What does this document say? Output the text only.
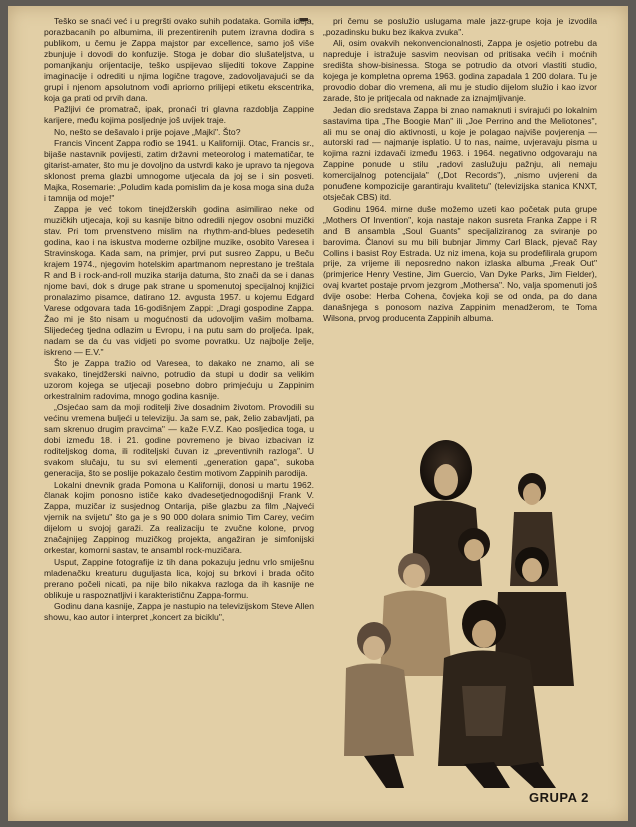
Teško se snaći već i u pregršti ovako suhih podataka. Gomila ideja, porazbacanih po albumima, ili prezentirenih putem izravna dodira s publikom, u čemu je Zappa majstor par excellence, samo još više zbunjuje i dovodi do konfuzije. Stoga je dobar dio slušateljstva, u pomanjkanju orijentacije, teško uspijevao slijediti tokove Zappine imaginacije i odrediti u njima logične tragove, zadovoljavajući se da grupi i njenom apsolutnom vođi apriorno prilijepi etiketu ekscentrika, koja ga prati od prvih dana.

Pažljivi će promatrač, ipak, pronaći tri glavna razdoblja Zappine karijere, među kojima posljednje još uvijek traje.

No, nešto se dešavalo i prije pojave „Majki". Što?

Francis Vincent Zappa rođio se 1941. u Kaliforniji. Otac, Francis sr., bijaše nastavnik povijesti, zatim državni meteorolog i matematičar, te gitarist-amater, što mu je dovoljno da ustvrdi kako je upravo ta njegova sklonost prema glazbi umnogome utjecala da joj se i sin posveti. Majka, Rosemarie: „Poludim kada pomislim da je kosa moga sina duža i tamnija od moje!"

Zappa je već tokom tinejdžerskih godina asimilirao neke od muzičkih utjecaja, koji su kasnije bitno odredili njegov osobni muzički stav. Pri tom prvenstveno mislim na rhythm-and-blues pedesetih godina, kao i na iskustva moderne ozbiljne muzike, osobito Varesea i Stravinskoga. Kada sam, na primjer, prvi put susreo Zappu, u Beču krajem 1974., njegovim hotelskim apartmanom neprestano je treštala R and B i rock-and-roll muzika starija datuma, što znači da se i danas njome bavi, dok s druge pak strane u spomenutoj specijalnoj knjižici pronalazimo pisamce, datirano 12. avgusta 1957. u kojemu Edgard Varese odgovara tada 16-godišnjem Zappi: „Dragi gospodine Zappa. Žao mi je što nisam u mogućnosti da udovoljim vašim molbama. Slijedećeg tjedna odlazim u Evropu, i na putu sam do proljeća. Ipak, nadam se da ću vas vidjeti po svome povratku. Uz najbolje želje, iskreno — E.V."

Što je Zappa tražio od Varesea, to dakako ne znamo, ali se svakako, tinejdžerski naivno, potrudio da stupi u dodir sa velikim uzorom kojega se utjecaji posebno dobro primjećuju u Zappinim orkestralnim radovima, mnogo godina kasnije.

„Osjećao sam da moji roditelji žive dosadnim životom. Provodili su većinu vremena buljeći u televiziju. Ja sam se, pak, želio zabavljati, pa sam skrenuo drugim pravcima" — kaže F.V.Z. Kao posljedica toga, u dobi između 18. i 21. godine povremeno je bivao izbacivan iz roditeljskog doma, ili roditeljski čuvan iz „preventivnih razloga". U svakom slučaju, tu su svi elementi „generation gapa", sukoba generacija, što se poslije pokazalo čestim motivom Zappinih parodija.

Lokalni dnevnik grada Pomona u Kaliforniji, donosi u martu 1962. članak kojim ponosno ističe kako dvadesetjednogodišnji Frank V. Zappa, muzičar iz susjednog Ontarija, piše glazbu za film „Najveći vjernik na svijetu" što ga je s 90 000 dolara snimio Tim Carey, većim dijelom u svojoj garaži. Za realizaciju te zvučne kolone, prvog značajnijeg Zappinog muzičkog projekta, angažiran je simfonijski orkestar, komorni sastav, te ansambl rock-muzičara.

Usput, Zappine fotografije iz tih dana pokazuju jednu vrlo smiješnu mladenačku kreaturu duguljasta lica, kojoj su brkovi i brada očito prerano počeli nicati, pa nije bilo nikakva razloga da ih kasnije ne oblikuje u raspoznatljivi i karakterističnu Zappa-formu.

Godinu dana kasnije, Zappa je nastupio na televizijskom Steve Allen showu, kao autor i interpret „koncert za biciklu",

pri čemu se poslužio uslugama male jazz-grupe koja je izvodila „pozadinsku buku bez ikakva zvuka".

Ali, osim ovakvih nekonvencionalnosti, Zappa je osjetio potrebu da napreduje i istražuje sasvim neovisan od pritisaka većih i moćnih središta show-bisinessa. Stoga se potrudio da otvori vlastiti studio, kojega je kompletna oprema 1963. godina zapadala 1 200 dolara. Tu je provodio dobar dio vremena, ali mu je studio dijelom služio i kao izvor zarade, što je pritjecala od naknade za iznajmljivanje.

Jedan dio sredstava Zappa bi znao namaknuti i svirajući po lokalnim sastavima tipa „The Boogie Man" ili „Joe Perrino and the Meliotones", ali mu se onaj dio aktivnosti, u koje je polagao najviše povjerenja — autorski rad — najmanje isplatio. U to nas, naime, uvjeravaju pisma u kojima razni izdavači između 1963. i 1964. negativno odgovaraju na Zappine ponude u stilu „radovi zaslužuju pažnju, ali nemaju komercijalnog potencijala" („Dot Records"), „nismo uvjereni da ponuđene kompozicije garantiraju kvalitetu" (televizijska stanica KNXT, otsječak CBS) itd.

Godinu 1964. mirne duše možemo uzeti kao početak puta grupe „Mothers Of Invention", koja nastaje nakon susreta Franka Zappe i R and B ansambla „Soul Guants" specijaliziranog za sviranje po barovima. Članovi su mu bili bubnjar Jimmy Carl Black, pjevač Ray Collins i basist Roy Estrada. Uz niz imena, koja su prodefilirala grupom prije, za vrijeme ili neposredno nakon izlaska albuma „Freak Out" (primjerice Henry Vestine, Jim Guercio, Van Dyke Parks, Jim Fielder), ovaj kvartet postaje prvom jezgrom „Mothersa". No, valja spomenuti još dvije osobe: Herba Cohena, čovjeka koji se od onda, pa do dana današnjega s ponosom naziva Zappinim menadžerom, te Toma Wilsona, prvog producenta Zappinih albuma.

GRUPA 2
